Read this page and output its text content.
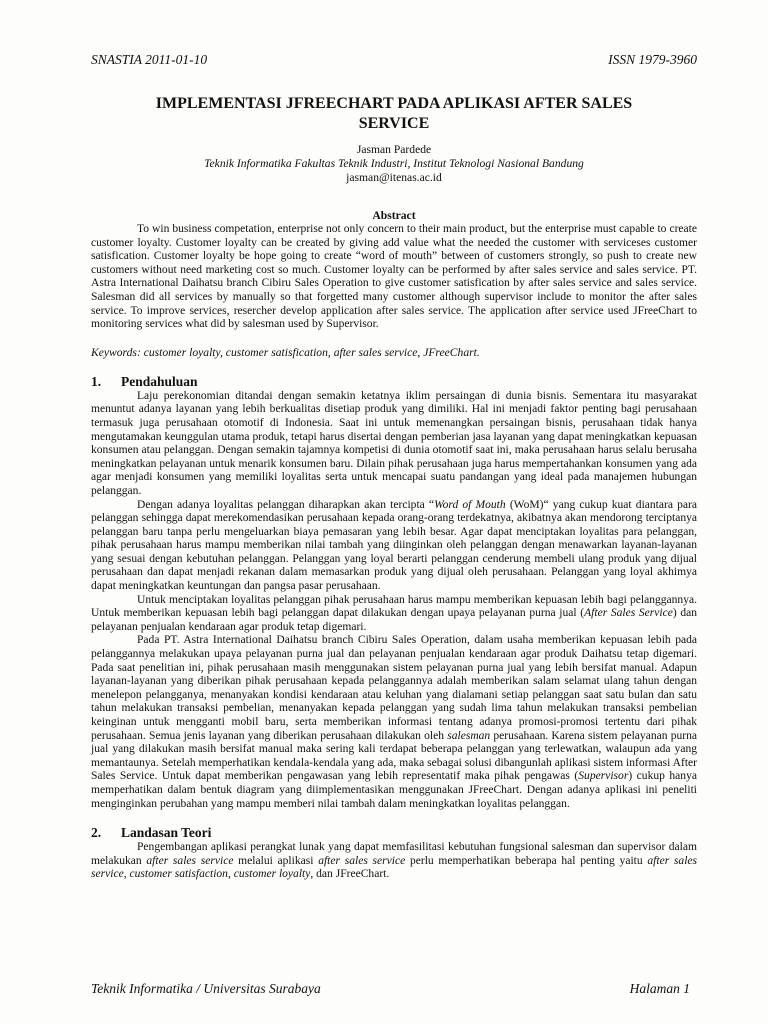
SNASTIA 2011-01-10	ISSN 1979-3960
IMPLEMENTASI JFREECHART PADA APLIKASI AFTER SALES SERVICE
Jasman Pardede
Teknik Informatika Fakultas Teknik Industri, Institut Teknologi Nasional Bandung
jasman@itenas.ac.id
Abstract

To win business competation, enterprise not only concern to their main product, but the enterprise must capable to create customer loyalty. Customer loyalty can be created by giving add value what the needed the customer with serviceses customer satisfication. Customer loyalty be hope going to create “word of mouth” between of customers strongly, so push to create new customers without need marketing cost so much. Customer loyalty can be performed by after sales service and sales service. PT. Astra International Daihatsu branch Cibiru Sales Operation to give customer satisfication by after sales service and sales service. Salesman did all services by manually so that forgetted many customer although supervisor include to monitor the after sales service. To improve services, resercher develop application after sales service. The application after service used JFreeChart to monitoring services what did by salesman used by Supervisor.

Keywords: customer loyalty, customer satisfication, after sales service, JFreeChart.
1.	Pendahuluan

Laju perekonomian ditandai dengan semakin ketatnya iklim persaingan di dunia bisnis. Sementara itu masyarakat menuntut adanya layanan yang lebih berkualitas disetiap produk yang dimiliki. Hal ini menjadi faktor penting bagi perusahaan termasuk juga perusahaan otomotif di Indonesia. Saat ini untuk memenangkan persaingan bisnis, perusahaan tidak hanya mengutamakan keunggulan utama produk, tetapi harus disertai dengan pemberian jasa layanan yang dapat meningkatkan kepuasan konsumen atau pelanggan. Dengan semakin tajamnya kompetisi di dunia otomotif saat ini, maka perusahaan harus selalu berusaha meningkatkan pelayanan untuk menarik konsumen baru. Dilain pihak perusahaan juga harus mempertahankan konsumen yang ada agar menjadi konsumen yang memiliki loyalitas serta untuk mencapai suatu pandangan yang ideal pada manajemen hubungan pelanggan.

Dengan adanya loyalitas pelanggan diharapkan akan tercipta “Word of Mouth (WoM)“ yang cukup kuat diantara para pelanggan sehingga dapat merekomendasikan perusahaan kepada orang-orang terdekatnya, akibatnya akan mendorong terciptanya pelanggan baru tanpa perlu mengeluarkan biaya pemasaran yang lebih besar. Agar dapat menciptakan loyalitas para pelanggan, pihak perusahaan harus mampu memberikan nilai tambah yang diinginkan oleh pelanggan dengan menawarkan layanan-layanan yang sesuai dengan kebutuhan pelanggan. Pelanggan yang loyal berarti pelanggan cenderung membeli ulang produk yang dijual perusahaan dan dapat menjadi rekanan dalam memasarkan produk yang dijual oleh perusahaan. Pelanggan yang loyal akhimya dapat meningkatkan keuntungan dan pangsa pasar perusahaan.

Untuk menciptakan loyalitas pelanggan pihak perusahaan harus mampu memberikan kepuasan lebih bagi pelanggannya. Untuk memberikan kepuasan lebih bagi pelanggan dapat dilakukan dengan upaya pelayanan purna jual (After Sales Service) dan pelayanan penjualan kendaraan agar produk tetap digemari.

Pada PT. Astra International Daihatsu branch Cibiru Sales Operation, dalam usaha memberikan kepuasan lebih pada pelanggannya melakukan upaya pelayanan purna jual dan pelayanan penjualan kendaraan agar produk Daihatsu tetap digemari. Pada saat penelitian ini, pihak perusahaan masih menggunakan sistem pelayanan purna jual yang lebih bersifat manual. Adapun layanan-layanan yang diberikan pihak perusahaan kepada pelanggannya adalah memberikan salam selamat ulang tahun dengan menelepon pelangganya, menanyakan kondisi kendaraan atau keluhan yang dialamani setiap pelanggan saat satu bulan dan satu tahun melakukan transaksi pembelian, menanyakan kepada pelanggan yang sudah lima tahun melakukan transaksi pembelian keinginan untuk mengganti mobil baru, serta memberikan informasi tentang adanya promosi-promosi tertentu dari pihak perusahaan. Semua jenis layanan yang diberikan perusahaan dilakukan oleh salesman perusahaan. Karena sistem pelayanan purna jual yang dilakukan masih bersifat manual maka sering kali terdapat beberapa pelanggan yang terlewatkan, walaupun ada yang memantaunya. Setelah memperhatikan kendala-kendala yang ada, maka sebagai solusi dibangunlah aplikasi sistem informasi After Sales Service. Untuk dapat memberikan pengawasan yang lebih representatif maka pihak pengawas (Supervisor) cukup hanya memperhatikan dalam bentuk diagram yang diimplementasikan menggunakan JFreeChart. Dengan adanya aplikasi ini peneliti menginginkan perubahan yang mampu memberi nilai tambah dalam meningkatkan loyalitas pelanggan.

2.	Landasan Teori

Pengembangan aplikasi perangkat lunak yang dapat memfasilitasi kebutuhan fungsional salesman dan supervisor dalam melakukan after sales service melalui aplikasi after sales service perlu memperhatikan beberapa hal penting yaitu after sales service, customer satisfaction, customer loyalty, dan JFreeChart.

Teknik Informatika / Universitas Surabaya	Halaman 1
